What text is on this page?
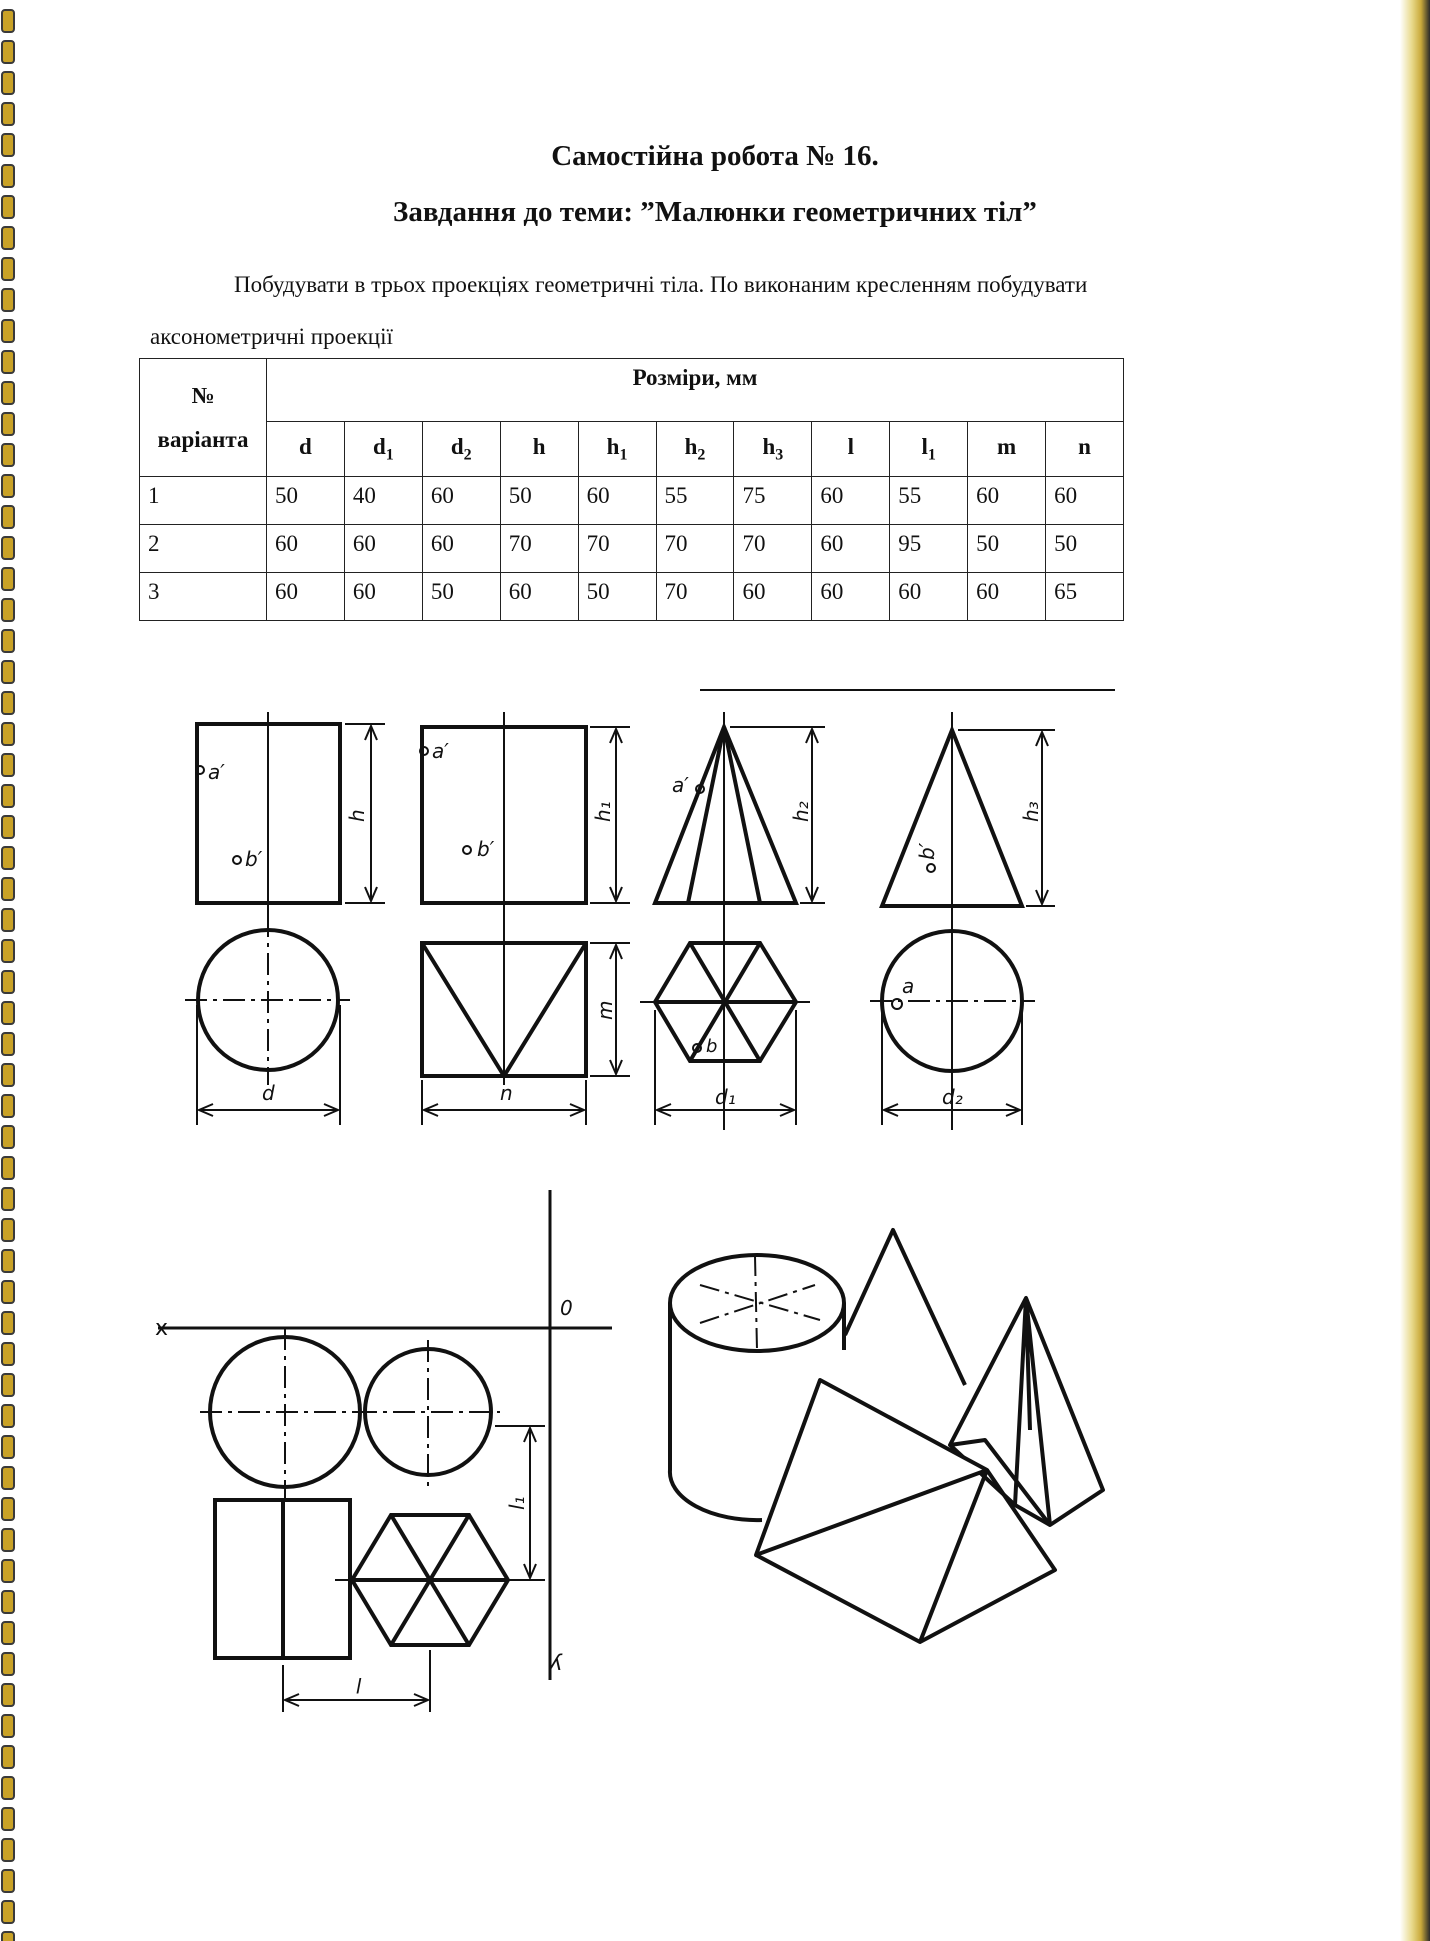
Самостійна робота № 16.
Завдання до теми: ”Малюнки геометричних тіл”
Побудувати в трьох проекціях геометричні тіла. По виконаним кресленням побудувати аксонометричні проекції
№
варіанта	Розміри, мм										
	d	$d_1$	$d_2$	h	$h_1$	$h_2$	$h_3$	l	$l_1$	m	n
1	50	40	60	50	60	55	75	60	55	60	60
2	60	60	60	70	70	70	70	60	95	50	50
3	60	60	50	60	50	70	60	60	60	60	65
a′
b′
h
d
a′
b′
h₁
m
n
a′
h₂
b
d₁
b′
h₃
a
d₂
x
0
y
l₁
l
